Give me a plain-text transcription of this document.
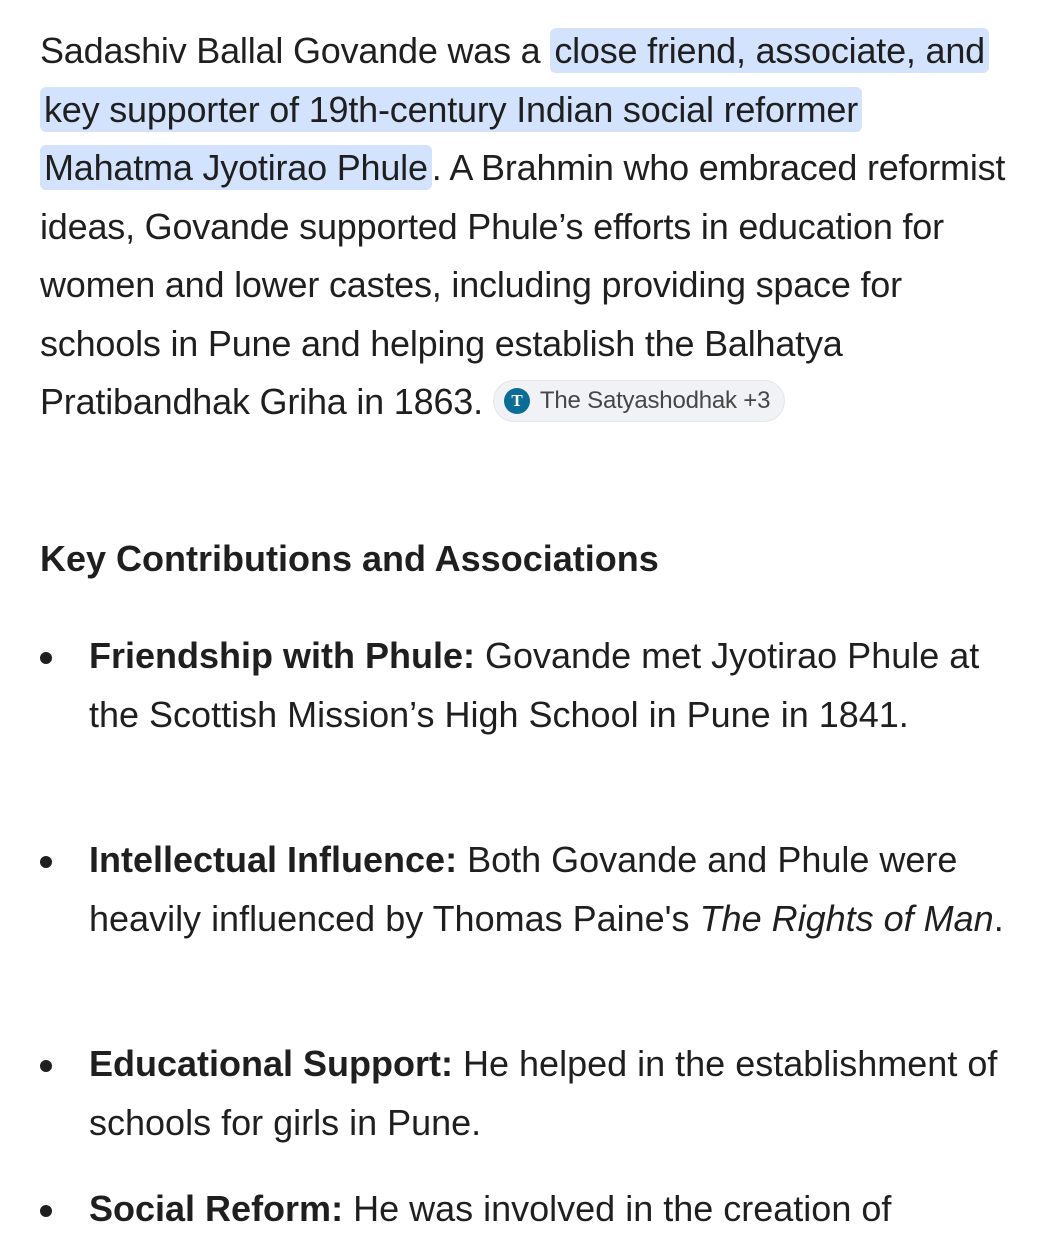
Sadashiv Ballal Govande was a close friend, associate, and key supporter of 19th-century Indian social reformer Mahatma Jyotirao Phule . A Brahmin who embraced reformist ideas, Govande supported Phule’s efforts in education for women and lower castes, including providing space for schools in Pune and helping establish the Balhatya Pratibandhak Griha in 1863.	T The Satyashodhak +3

Key Contributions and Associations
Friendship with Phule: Govande met Jyotirao Phule at the Scottish Mission’s High School in Pune in 1841.
Intellectual Influence: Both Govande and Phule were heavily influenced by Thomas Paine's The Rights of Man.
Educational Support: He helped in the establishment of schools for girls in Pune.
Social Reform: He was involved in the creation of
